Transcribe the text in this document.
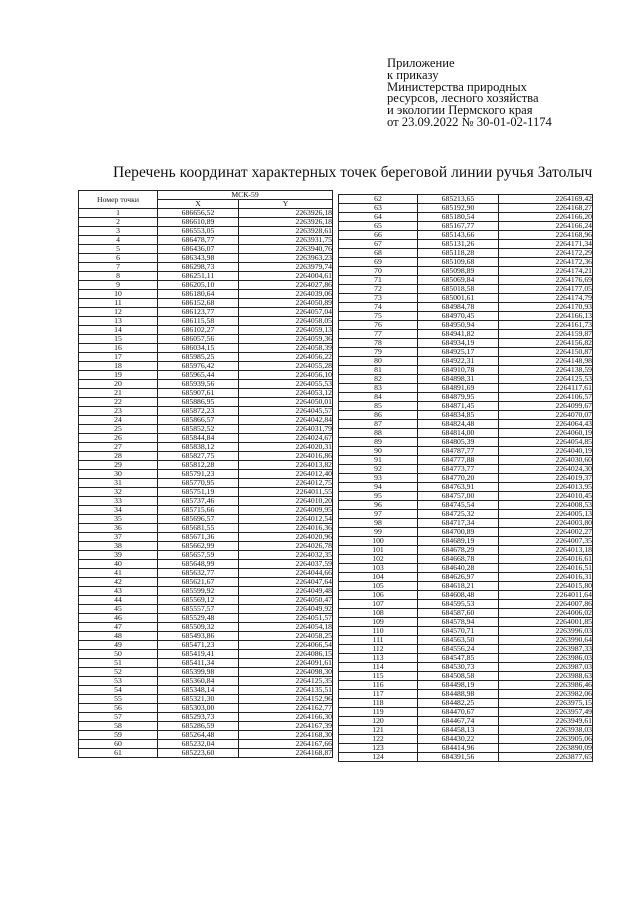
Приложение
к приказу
Министерства природных
ресурсов, лесного хозяйства
и экологии Пермского края
от 23.09.2022 № 30-01-02-1174
Перечень координат характерных точек береговой линии ручья Затолыч
Номер точки	МСК-59	
	X	Y
1	686656,52	2263926,18
2	686610,89	2263926,18
3	686553,05	2263928,61
4	686478,77	2263931,75
5	686436,07	2263940,76
6	686343,98	2263963,23
7	686298,73	2263979,74
8	686251,11	2264004,61
9	686205,10	2264027,86
10	686180,64	2264039,06
11	686152,68	2264050,89
12	686123,77	2264057,04
13	686115,58	2264058,05
14	686102,27	2264059,13
15	686057,56	2264059,36
16	686034,15	2264058,39
17	685985,25	2264056,22
18	685976,42	2264055,28
19	685965,44	2264056,10
20	685939,56	2264055,53
21	685907,61	2264053,12
22	685886,95	2264050,01
23	685872,23	2264045,57
24	685866,57	2264042,84
25	685852,52	2264031,79
26	685844,84	2264024,67
27	685838,12	2264020,31
28	685827,75	2264016,86
29	685812,28	2264013,82
30	685791,23	2264012,40
31	685770,95	2264012,75
32	685751,19	2264011,55
33	685737,46	2264010,20
34	685715,66	2264009,95
35	685696,57	2264012,54
36	685681,55	2264016,36
37	685671,36	2264020,96
38	685662,99	2264026,78
39	685657,59	2264032,35
40	685648,99	2264037,59
41	685632,77	2264044,66
42	685621,67	2264047,64
43	685599,92	2264049,48
44	685569,12	2264050,47
45	685557,57	2264049,92
46	685529,48	2264051,57
47	685509,32	2264054,18
48	685493,86	2264058,25
49	685471,23	2264066,54
50	685419,41	2264086,15
51	685411,34	2264091,61
52	685399,98	2264098,30
53	685360,84	2264125,35
54	685348,14	2264135,51
55	685321,30	2264152,96
56	685303,00	2264162,77
57	685293,73	2264166,30
58	685286,59	2264167,39
59	685264,48	2264168,30
60	685232,04	2264167,66
61	685223,60	2264168,87
62	685213,65	2264169,42
63	685192,90	2264168,27
64	685180,54	2264166,20
65	685167,77	2264166,24
66	685143,66	2264168,96
67	685131,26	2264171,34
68	685118,28	2264172,29
69	685109,68	2264172,36
70	685098,89	2264174,21
71	685069,84	2264176,69
72	685018,58	2264177,05
73	685001,61	2264174,79
74	684984,78	2264170,93
75	684970,45	2264166,13
76	684950,94	2264161,73
77	684941,82	2264159,87
78	684934,19	2264156,82
79	684925,17	2264150,87
80	684922,31	2264148,98
81	684910,78	2264138,59
82	684898,31	2264125,53
83	684891,69	2264117,61
84	684879,95	2264106,57
85	684871,45	2264099,67
86	684834,85	2264070,07
87	684824,48	2264064,43
88	684814,00	2264060,19
89	684805,39	2264054,85
90	684787,77	2264040,19
91	684777,88	2264030,60
92	684773,77	2264024,30
93	684770,20	2264019,37
94	684763,91	2264013,95
95	684757,00	2264010,45
96	684745,54	2264008,53
97	684725,32	2264005,13
98	684717,34	2264003,80
99	684700,89	2264002,27
100	684689,19	2264007,35
101	684678,29	2264013,18
102	684668,78	2264016,61
103	684640,28	2264016,51
104	684626,97	2264016,31
105	684618,21	2264015,80
106	684608,48	2264011,64
107	684595,53	2264007,86
108	684587,60	2264006,02
109	684578,94	2264001,85
110	684570,71	2263996,03
111	684563,50	2263990,64
112	684556,24	2263987,33
113	684547,85	2263986,03
114	684530,73	2263987,03
115	684508,58	2263988,63
116	684498,19	2263986,46
117	684488,98	2263982,06
118	684482,25	2263975,15
119	684470,67	2263957,49
120	684467,74	2263949,61
121	684458,13	2263938,03
122	684430,22	2263905,06
123	684414,96	2263890,09
124	684391,56	2263877,65
